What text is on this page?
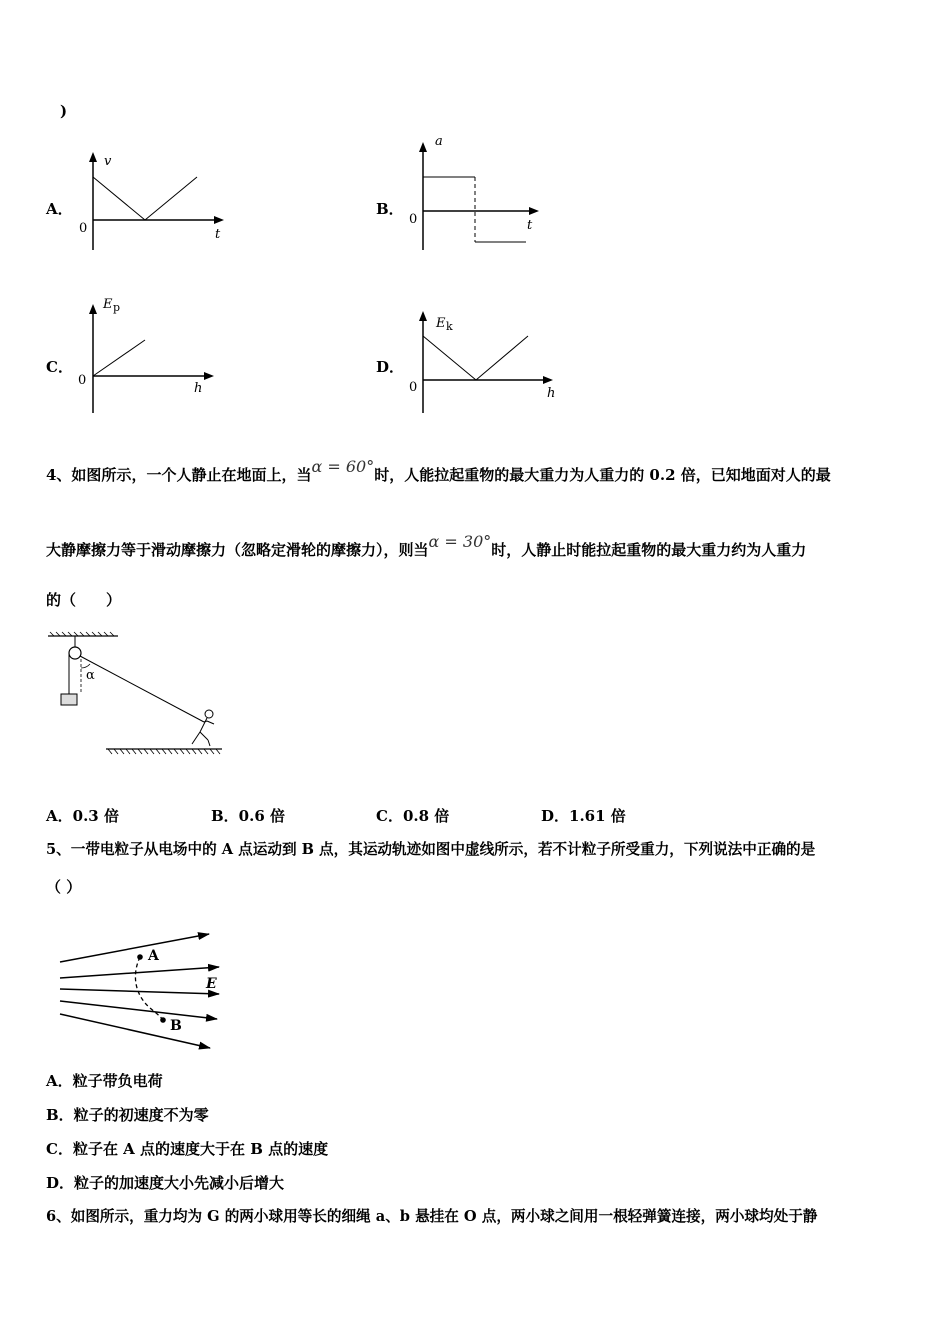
)
A．
v
t
0
B．
a
t
0
C．
E p
h
0
D．
E k
h
0
4、如图所示，一个人静止在地面上，当α = 60°时，人能拉起重物的最大重力为人重力的 0.2 倍，已知地面对人的最
大静摩擦力等于滑动摩擦力（忽略定滑轮的摩擦力），则当α = 30°时，人静止时能拉起重物的最大重力约为人重力
的（　　）
α
A．0.3 倍	B．0.6 倍	C．0.8 倍	D．1.61 倍
5、一带电粒子从电场中的 A 点运动到 B 点，其运动轨迹如图中虚线所示，若不计粒子所受重力，下列说法中正确的是
（ ）
A
B
E
A．粒子带负电荷
B．粒子的初速度不为零
C．粒子在 A 点的速度大于在 B 点的速度
D．粒子的加速度大小先减小后增大
6、如图所示，重力均为 G 的两小球用等长的细绳 a、b 悬挂在 O 点，两小球之间用一根轻弹簧连接，两小球均处于静
